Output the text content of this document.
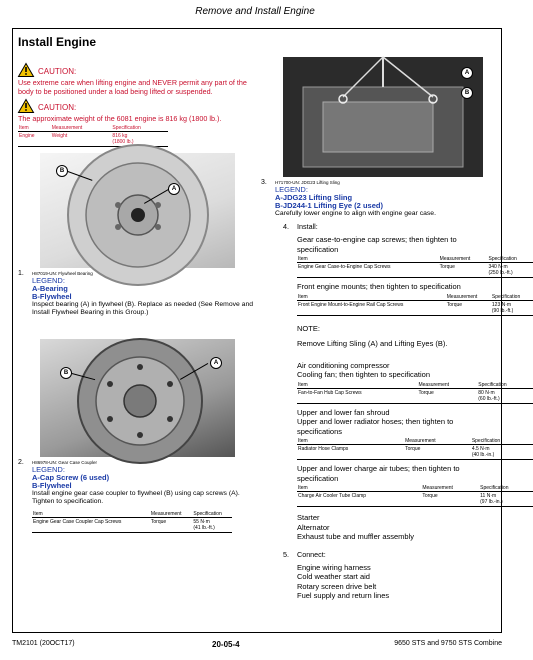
Remove and Install Engine
Install Engine
CAUTION:
Use extreme care when lifting engine and NEVER permit any part of the body to be positioned under a load being lifted or suspended.
CAUTION:
The approximate weight of the 6081 engine is 816 kg (1800 lb.).
Item	Measurement	Specification
Engine	Weight	816 kg
(1800 lb.)
B
A
1. H87019-UN: Flywheel Bearing
LEGEND:
A-Bearing
B-Flywheel
Inspect bearing (A) in flywheel (B). Replace as needed (See Remove and Install Flywheel Bearing in this Group.)
B
A
2. H86978-UN: Gear Case Coupler
LEGEND:
A-Cap Screw (6 used)
B-Flywheel
Install engine gear case coupler to flywheel (B) using cap screws (A). Tighten to specification.
Item	Measurement	Specification
Engine Gear Case Coupler Cap Screws	Torque	55 N·m
(41 lb.-ft.)
A
B
3. H71700-UN: JDG23 Lifting Sling
LEGEND:
A-JDG23 Lifting Sling
B-JD244-1 Lifting Eye (2 used)
Carefully lower engine to align with engine gear case.
4. Install:
Gear case-to-engine cap screws; then tighten to specification
Item	Measurement	Specification
Engine Gear Case-to-Engine Cap Screws	Torque	340 N·m
(250 lb.-ft.)
Front engine mounts; then tighten to specification
Item	Measurement	Specification
Front Engine Mount-to-Engine Rail Cap Screws	Torque	123 N·m
(90 lb.-ft.)
NOTE:
Remove Lifting Sling (A) and Lifting Eyes (B).
Air conditioning compressor
Cooling fan; then tighten to specification
Item	Measurement	Specification
Fan-to-Fan Hub Cap Screws	Torque	80 N·m
(60 lb.-ft.)
Upper and lower fan shroud
Upper and lower radiator hoses; then tighten to specifications
Item	Measurement	Specification
Radiator Hose Clamps	Torque	4.5 N·m
(40 lb.-in.)
Upper and lower charge air tubes; then tighten to specification
Item	Measurement	Specification
Charge Air Cooler Tube Clamp	Torque	11 N·m
(97 lb.-in.)
Starter
Alternator
Exhaust tube and muffler assembly
5. Connect:
Engine wiring harness
Cold weather start aid
Rotary screen drive belt
Fuel supply and return lines
TM2101 (20OCT17)	20-05-4	9650 STS and 9750 STS Combine
